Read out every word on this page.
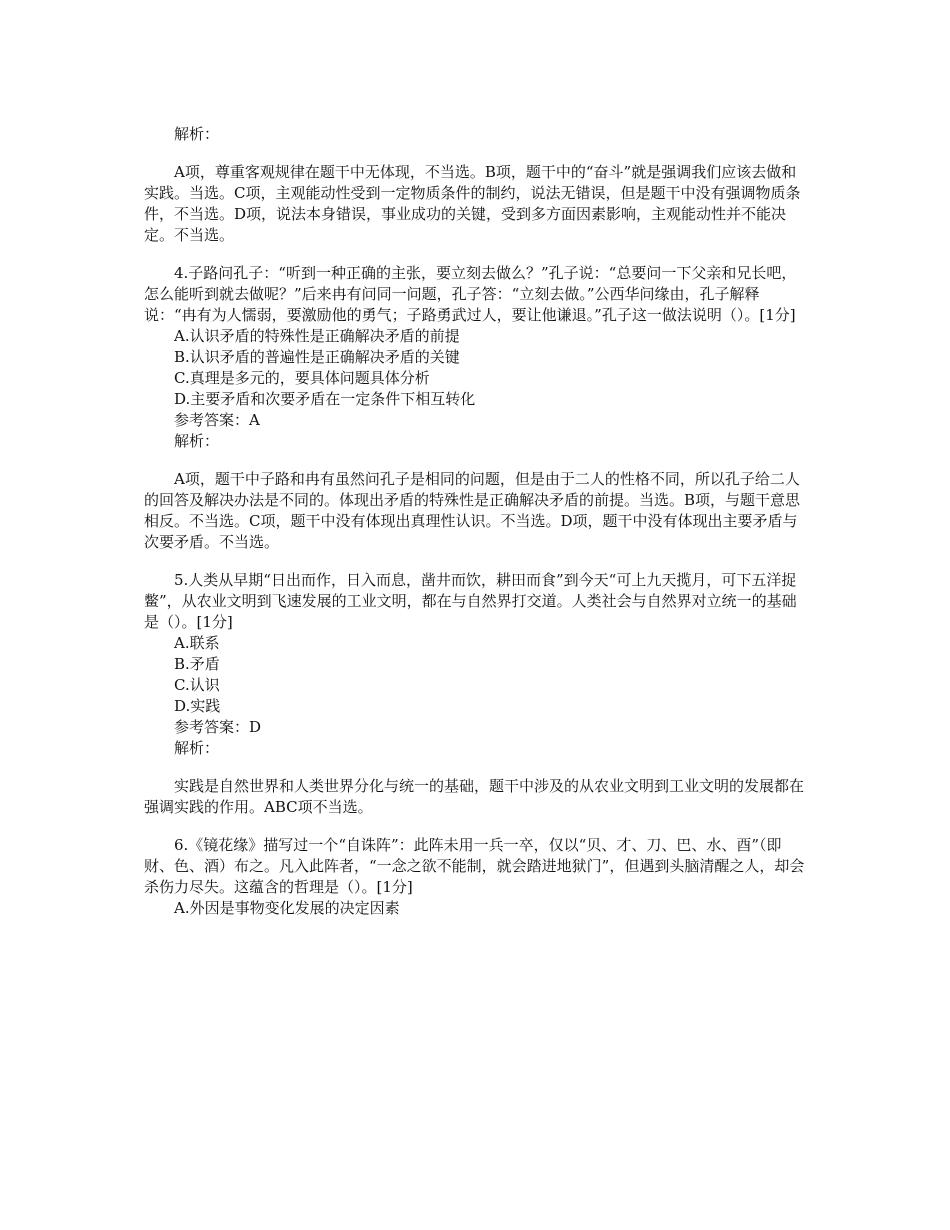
解析：

A项，尊重客观规律在题干中无体现，不当选。B项，题干中的“奋斗”就是强调我们应该去做和实践。当选。C项，主观能动性受到一定物质条件的制约，说法无错误，但是题干中没有强调物质条件，不当选。D项，说法本身错误，事业成功的关键，受到多方面因素影响，主观能动性并不能决定。不当选。

4.子路问孔子：“听到一种正确的主张，要立刻去做么？”孔子说：“总要问一下父亲和兄长吧，怎么能听到就去做呢？”后来冉有问同一问题，孔子答：“立刻去做。”公西华问缘由，孔子解释说：“冉有为人懦弱，要激励他的勇气；子路勇武过人，要让他谦退。”孔子这一做法说明（）。[1分]

A.认识矛盾的特殊性是正确解决矛盾的前提

B.认识矛盾的普遍性是正确解决矛盾的关键

C.真理是多元的，要具体问题具体分析

D.主要矛盾和次要矛盾在一定条件下相互转化

参考答案：A

解析：

A项，题干中子路和冉有虽然问孔子是相同的问题，但是由于二人的性格不同，所以孔子给二人的回答及解决办法是不同的。体现出矛盾的特殊性是正确解决矛盾的前提。当选。B项，与题干意思相反。不当选。C项，题干中没有体现出真理性认识。不当选。D项，题干中没有体现出主要矛盾与次要矛盾。不当选。

5.人类从早期“日出而作，日入而息，凿井而饮，耕田而食”到今天“可上九天揽月，可下五洋捉鳖”，从农业文明到飞速发展的工业文明，都在与自然界打交道。人类社会与自然界对立统一的基础是（）。[1分]

A.联系

B.矛盾

C.认识

D.实践

参考答案：D

解析：

实践是自然世界和人类世界分化与统一的基础，题干中涉及的从农业文明到工业文明的发展都在强调实践的作用。ABC项不当选。

6.《镜花缘》描写过一个“自诛阵”：此阵未用一兵一卒，仅以“贝、才、刀、巴、水、酉”（即财、色、酒）布之。凡入此阵者，“一念之欲不能制，就会踏进地狱门”，但遇到头脑清醒之人，却会杀伤力尽失。这蕴含的哲理是（）。[1分]

A.外因是事物变化发展的决定因素
